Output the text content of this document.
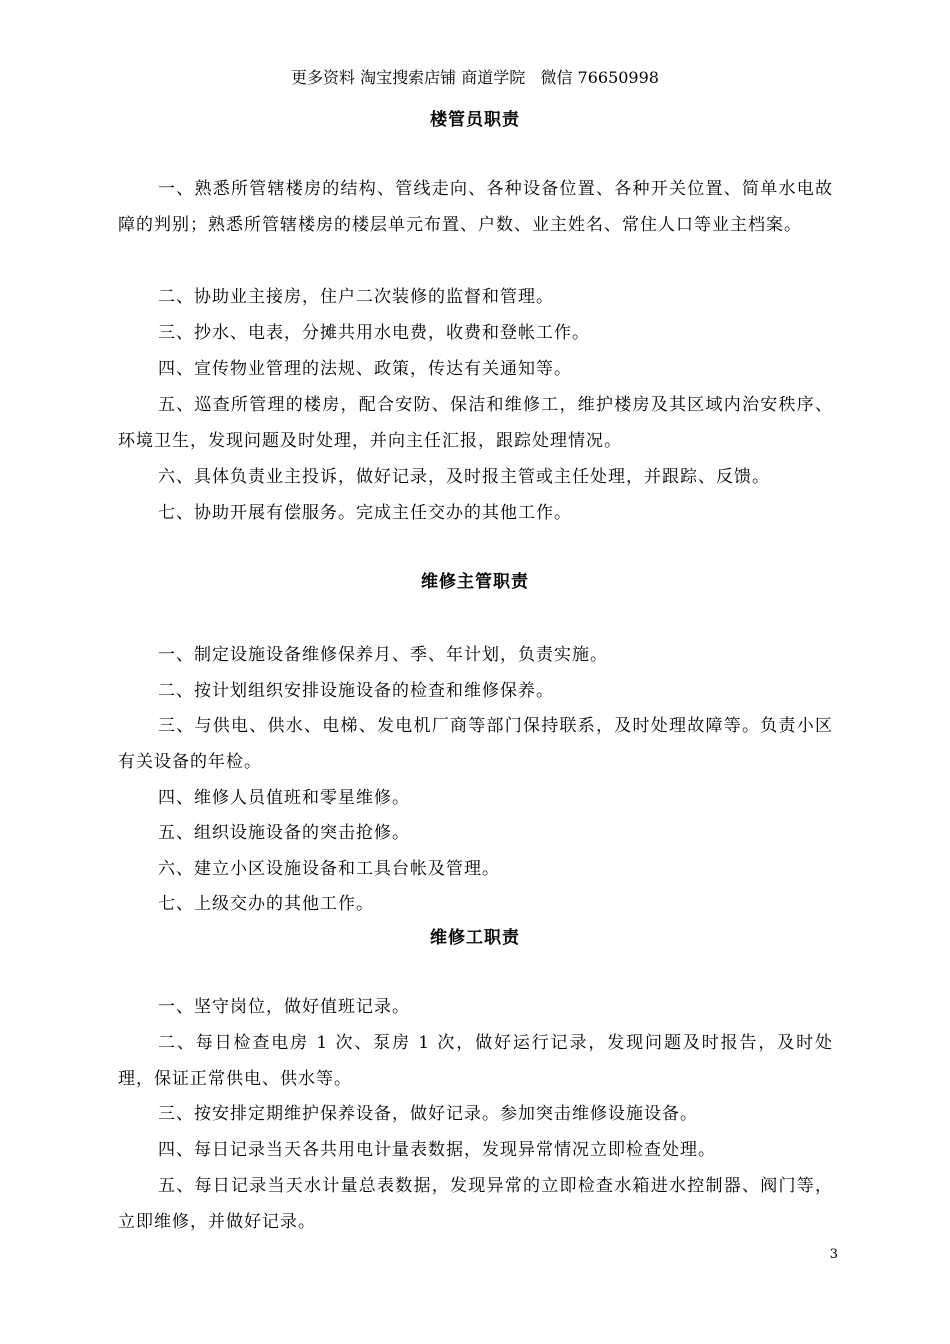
更多资料 淘宝搜索店铺 商道学院   微信 76650998
楼管员职责
一、熟悉所管辖楼房的结构、管线走向、各种设备位置、各种开关位置、简单水电故障的判别；熟悉所管辖楼房的楼层单元布置、户数、业主姓名、常住人口等业主档案。
二、协助业主接房，住户二次装修的监督和管理。
三、抄水、电表，分摊共用水电费，收费和登帐工作。
四、宣传物业管理的法规、政策，传达有关通知等。
五、巡查所管理的楼房，配合安防、保洁和维修工，维护楼房及其区域内治安秩序、环境卫生，发现问题及时处理，并向主任汇报，跟踪处理情况。
六、具体负责业主投诉，做好记录，及时报主管或主任处理，并跟踪、反馈。
七、协助开展有偿服务。完成主任交办的其他工作。
维修主管职责
一、制定设施设备维修保养月、季、年计划，负责实施。
二、按计划组织安排设施设备的检查和维修保养。
三、与供电、供水、电梯、发电机厂商等部门保持联系，及时处理故障等。负责小区有关设备的年检。
四、维修人员值班和零星维修。
五、组织设施设备的突击抢修。
六、建立小区设施设备和工具台帐及管理。
七、上级交办的其他工作。
维修工职责
一、坚守岗位，做好值班记录。
二、每日检查电房 1 次、泵房 1 次，做好运行记录，发现问题及时报告，及时处理，保证正常供电、供水等。
三、按安排定期维护保养设备，做好记录。参加突击维修设施设备。
四、每日记录当天各共用电计量表数据，发现异常情况立即检查处理。
五、每日记录当天水计量总表数据，发现异常的立即检查水箱进水控制器、阀门等，立即维修，并做好记录。
3
